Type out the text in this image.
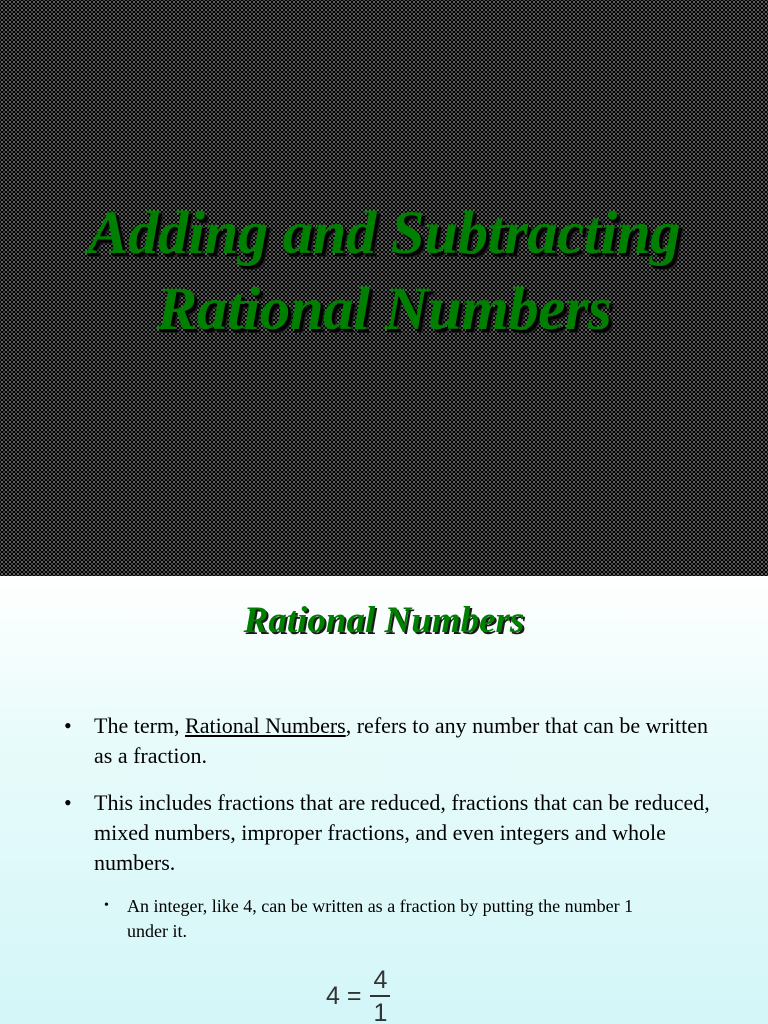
Adding and Subtracting
Rational Numbers
Rational Numbers
• The term, Rational Numbers, refers to any number that can be written as a fraction.
• This includes fractions that are reduced, fractions that can be reduced, mixed numbers, improper fractions, and even integers and whole numbers.
• An integer, like 4, can be written as a fraction by putting the number 1 under it.
$4 = \frac{4}{1}$
